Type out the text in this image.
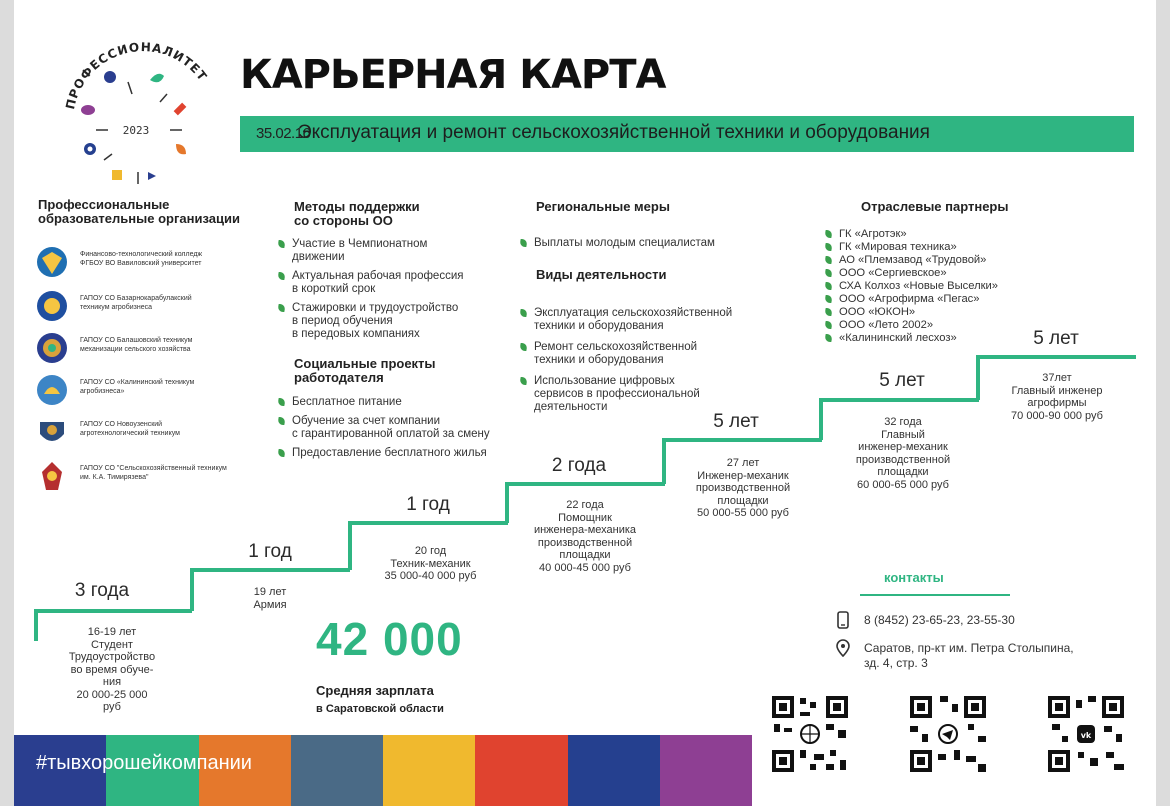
ПРОФЕССИОНАЛИТЕТ
2023
КАРЬЕРНАЯ КАРТА
35.02.16
Эксплуатация и ремонт сельскохозяйственной техники и оборудования
Профессиональные
образовательные организации
Финансово-технологический колледж
ФГБОУ ВО Вавиловский университет
ГАПОУ СО Базарнокарабулакский
техникум агробизнеса
ГАПОУ СО Балашовский техникум
механизации сельского хозяйства
ГАПОУ СО «Калининский техникум
агробизнеса»
ГАПОУ СО Новоузенский
агротехнологический техникум
ГАПОУ СО "Сельскохозяйственный техникум
им. К.А. Тимирязева"
Методы поддержки
со стороны ОО
Участие в Чемпионатном
движении
Актуальная рабочая профессия
в короткий срок
Стажировки и трудоустройство
в период обучения
в передовых компаниях
Социальные проекты
работодателя
Бесплатное питание
Обучение за счет компании
с гарантированной оплатой за смену
Предоставление бесплатного жилья
Региональные меры
Выплаты молодым специалистам
Виды деятельности
Эксплуатация сельскохозяйственной
техники и оборудования
Ремонт сельскохозяйственной
техники и оборудования
Использование цифровых
сервисов в профессиональной
деятельности
Отраслевые партнеры
ГК «Агротэк»
ГК «Мировая техника»
АО «Племзавод «Трудовой»
ООО «Сергиевское»
СХА Колхоз «Новые Выселки»
ООО «Агрофирма «Пегас»
ООО «ЮКОН»
ООО «Лето 2002»
«Калининский лесхоз»
3 года
16-19 лет
Студент
Трудоустройство
во время обуче-
ния
20 000-25 000
руб
1 год
19 лет
Армия
1 год
20 год
Техник-механик
35 000-40 000 руб
2 года
22 года
Помощник
инженера-механика
производственной
площадки
40 000-45 000 руб
5 лет
27 лет
Инженер-механик
производственной
площадки
50 000-55 000 руб
5 лет
32 года
Главный
инженер-механик
производственной
площадки
60 000-65 000 руб
5 лет
37лет
Главный инженер
агрофирмы
70 000-90 000 руб
42 000
Средняя зарплата
в Саратовской области
контакты
8 (8452) 23-65-23, 23-55-30
Саратов, пр-кт им. Петра Столыпина,
зд. 4, стр. 3
vk
#тывхорошейкомпании
